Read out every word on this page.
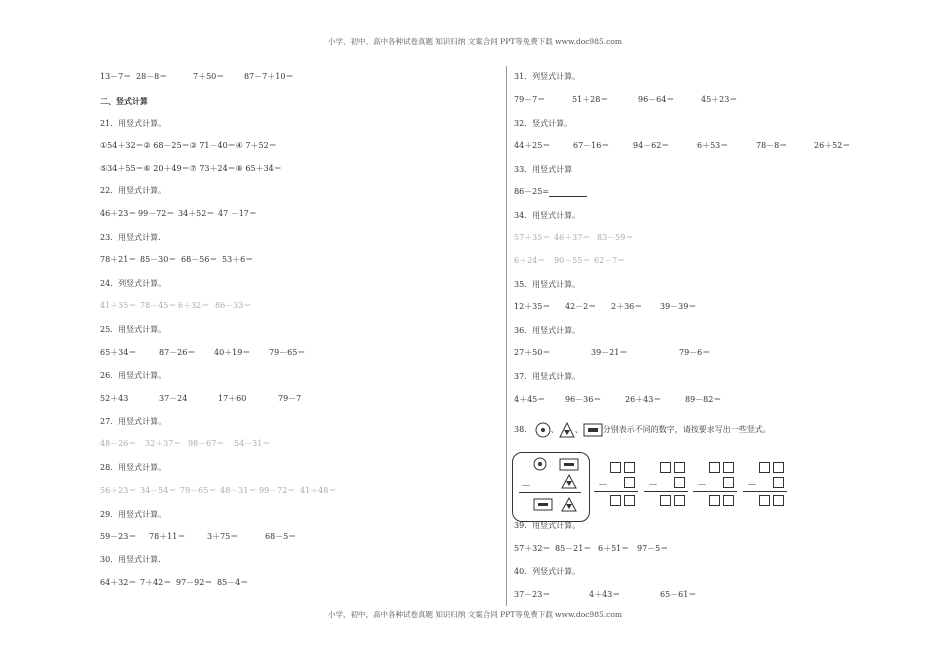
小学、初中、高中各种试卷真题 知识归纳 文案合同 PPT等免费下载 www.doc985.com
小学、初中、高中各种试卷真题 知识归纳 文案合同 PPT等免费下载 www.doc985.com
13－7＝ 28－8＝	7＋50＝ 87－7＋10＝
二、竖式计算
21．用竖式计算。
①54＋32＝② 68－25＝③ 71－40＝④ 7＋52＝
⑤34＋55＝⑥ 20＋49＝⑦ 73＋24＝⑧ 65＋34＝
22．用竖式计算。
46＋23＝ 99－72＝ 34＋52＝ 47 －17＝
23．用竖式计算.
78＋21＝ 85－30＝ 68－56＝ 53＋6＝
24．列竖式计算。
41＋35＝ 78－45＝ 6＋32＝ 86－33＝
25．用竖式计算。
65＋34＝	87－26＝ 40＋19＝ 79－65＝
26．用竖式计算。
52＋43	37－24	17＋60	79－7
27．用竖式计算。
48－26＝ 32＋37＝ 98－67＝ 54－31＝
28．用竖式计算。
56＋23＝ 34－54＝ 79－65＝ 48－31＝ 99－72＝ 41＋48＝
29．用竖式计算。
59－23＝ 78＋11＝	3＋75＝	68－5＝
30．用竖式计算.
64＋32＝ 7＋42＝ 97－92＝ 85－4＝
31．列竖式计算。
79－7＝	51＋28＝	96－64＝	45＋23＝
32．竖式计算。
44＋25＝	67－16＝	94－62＝	6＋53＝	78－8＝	26＋52＝
33．用竖式计算
86－25=
34．用竖式计算。
57＋35＝ 46＋37＝ 83－59＝
6＋24＝ 90－55＝ 62－7＝
35．用竖式计算。
12＋35＝ 42－2＝ 2＋36＝ 39－39＝
36．用竖式计算。
27＋50＝	39－21＝	79－6＝
37．用竖式计算。
4＋45＝ 96－36＝	26＋43＝	89－82＝
38． 、 、	分别表示不同的数字，请按要求写出一些竖式。
39．用竖式计算。
57＋32＝ 85－21＝ 6＋51＝ 97－5＝
40．列竖式计算。
37－23＝	4＋43＝	65－61＝
－	－	－	－	－
